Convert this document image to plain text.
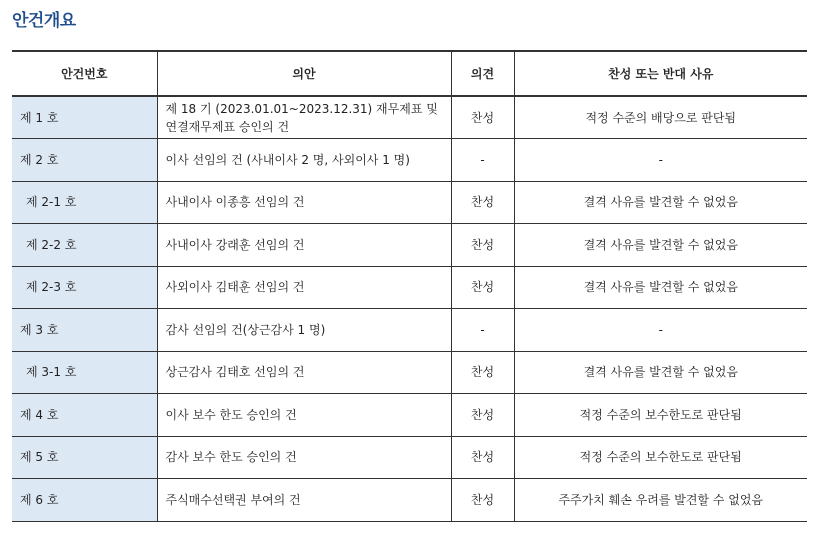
안건개요
안건번호	의안	의견	찬성 또는 반대 사유
제 1 호	제 18 기 (2023.01.01~2023.12.31) 재무제표 및 연결재무제표 승인의 건	찬성	적정 수준의 배당으로 판단됨
제 2 호	이사 선임의 건 (사내이사 2 명, 사외이사 1 명)	-	-
제 2-1 호	사내이사 이종흥 선임의 건	찬성	결격 사유를 발견할 수 없었음
제 2-2 호	사내이사 강래훈 선임의 건	찬성	결격 사유를 발견할 수 없었음
제 2-3 호	사외이사 김태훈 선임의 건	찬성	결격 사유를 발견할 수 없었음
제 3 호	감사 선임의 건(상근감사 1 명)	-	-
제 3-1 호	상근감사 김태호 선임의 건	찬성	결격 사유를 발견할 수 없었음
제 4 호	이사 보수 한도 승인의 건	찬성	적정 수준의 보수한도로 판단됨
제 5 호	감사 보수 한도 승인의 건	찬성	적정 수준의 보수한도로 판단됨
제 6 호	주식매수선택권 부여의 건	찬성	주주가치 훼손 우려를 발견할 수 없었음
